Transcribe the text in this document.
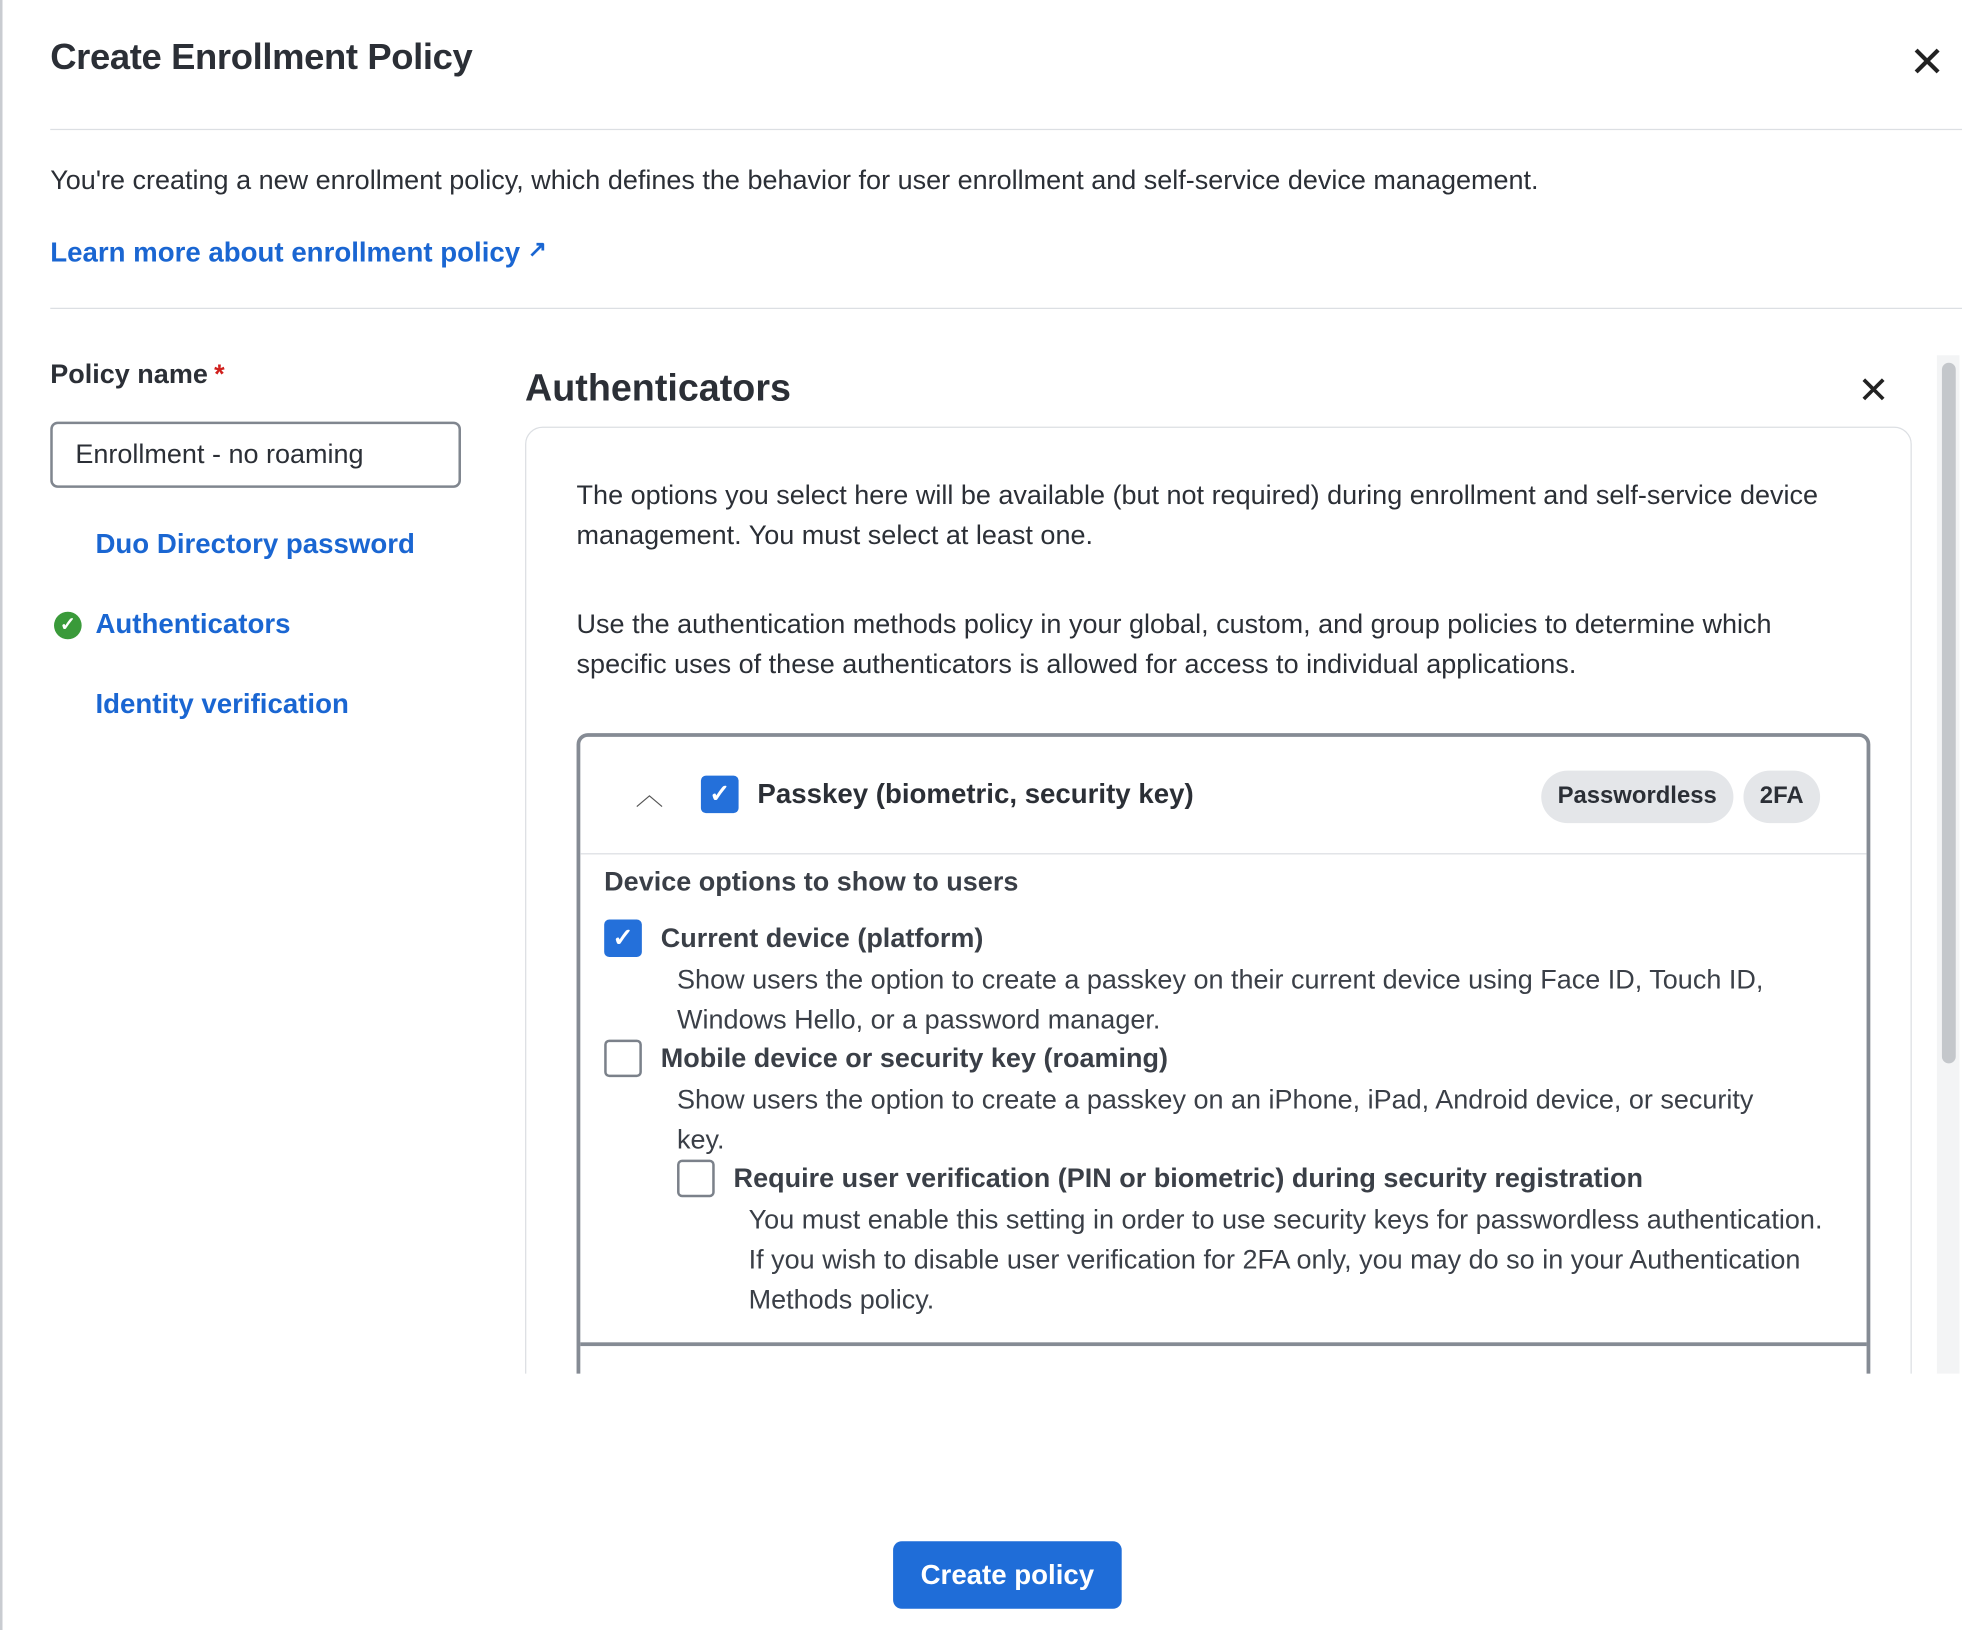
Create Enrollment Policy	✕
You're creating a new enrollment policy, which defines the behavior for user enrollment and self-service device management.
Learn more about enrollment policy ↗
Policy name *
Enrollment - no roaming
Duo Directory password
✓ Authenticators
Identity verification
Authenticators	✕
The options you select here will be available (but not required) during enrollment and self-service device management. You must select at least one.
Use the authentication methods policy in your global, custom, and group policies to determine which specific uses of these authenticators is allowed for access to individual applications.
︿	✓	Passkey (biometric, security key)	Passwordless	2FA
Device options to show to users
✓	Current device (platform)
Show users the option to create a passkey on their current device using Face ID, Touch ID, Windows Hello, or a password manager.
Mobile device or security key (roaming)
Show users the option to create a passkey on an iPhone, iPad, Android device, or security key.
Require user verification (PIN or biometric) during security registration
You must enable this setting in order to use security keys for passwordless authentication. If you wish to disable user verification for 2FA only, you may do so in your Authentication Methods policy.
Create policy
